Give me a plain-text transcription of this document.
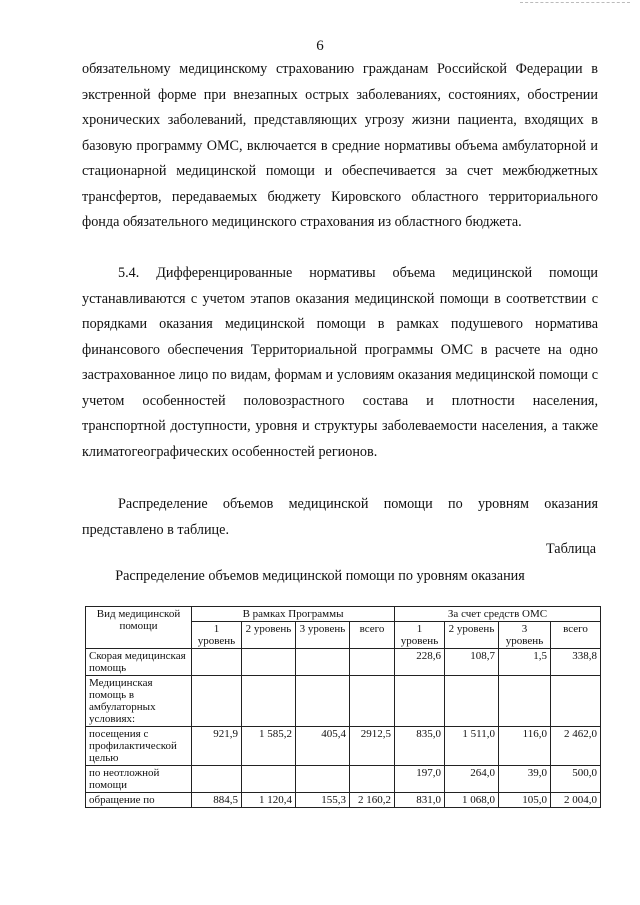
6
обязательному медицинскому страхованию гражданам Российской Федерации в экстренной форме при внезапных острых заболеваниях, состояниях, обострении хронических заболеваний, представляющих угрозу жизни пациента, входящих в базовую программу ОМС, включается в средние нормативы объема амбулаторной и стационарной медицинской помощи и обеспечивается за счет межбюджетных трансфертов, передаваемых бюджету Кировского областного территориального фонда обязательного медицинского страхования из областного бюджета.
5.4. Дифференцированные нормативы объема медицинской помощи устанавливаются с учетом этапов оказания медицинской помощи в соответствии с порядками оказания медицинской помощи в рамках подушевого норматива финансового обеспечения Территориальной программы ОМС в расчете на одно застрахованное лицо по видам, формам и условиям оказания медицинской помощи с учетом особенностей половозрастного состава и плотности населения, транспортной доступности, уровня и структуры заболеваемости населения, а также климатогеографических особенностей регионов.
Распределение объемов медицинской помощи по уровням оказания представлено в таблице.
Таблица
Распределение объемов медицинской помощи по уровням оказания
Вид медицинской помощи	В рамках Программы				За счет средств ОМС			
	1 уровень	2 уровень	3 уровень	всего	1 уровень	2 уровень	3 уровень	всего
Скорая медицинская помощь					228,6	108,7	1,5	338,8
Медицинская помощь в амбулаторных условиях:								
посещения с профилактической целью	921,9	1 585,2	405,4	2912,5	835,0	1 511,0	116,0	2 462,0
по неотложной помощи					197,0	264,0	39,0	500,0
обращение по	884,5	1 120,4	155,3	2 160,2	831,0	1 068,0	105,0	2 004,0
